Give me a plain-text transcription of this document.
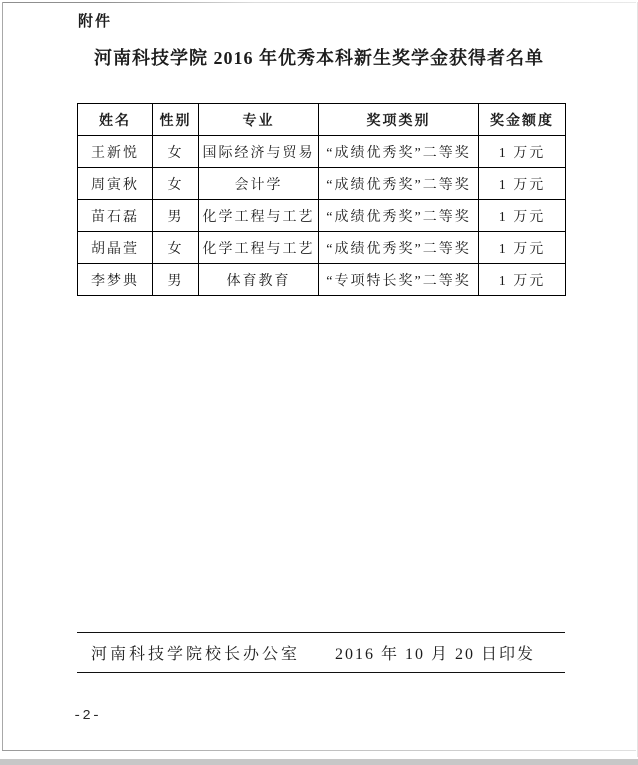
附件
河南科技学院 2016 年优秀本科新生奖学金获得者名单
姓名	性别	专业	奖项类别	奖金额度
王新悦	女	国际经济与贸易	“成绩优秀奖”二等奖	1 万元
周寅秋	女	会计学	“成绩优秀奖”二等奖	1 万元
苗石磊	男	化学工程与工艺	“成绩优秀奖”二等奖	1 万元
胡晶萱	女	化学工程与工艺	“成绩优秀奖”二等奖	1 万元
李梦典	男	体育教育	“专项特长奖”二等奖	1 万元
河南科技学院校长办公室 2016 年 10 月 20 日印发
-2-
